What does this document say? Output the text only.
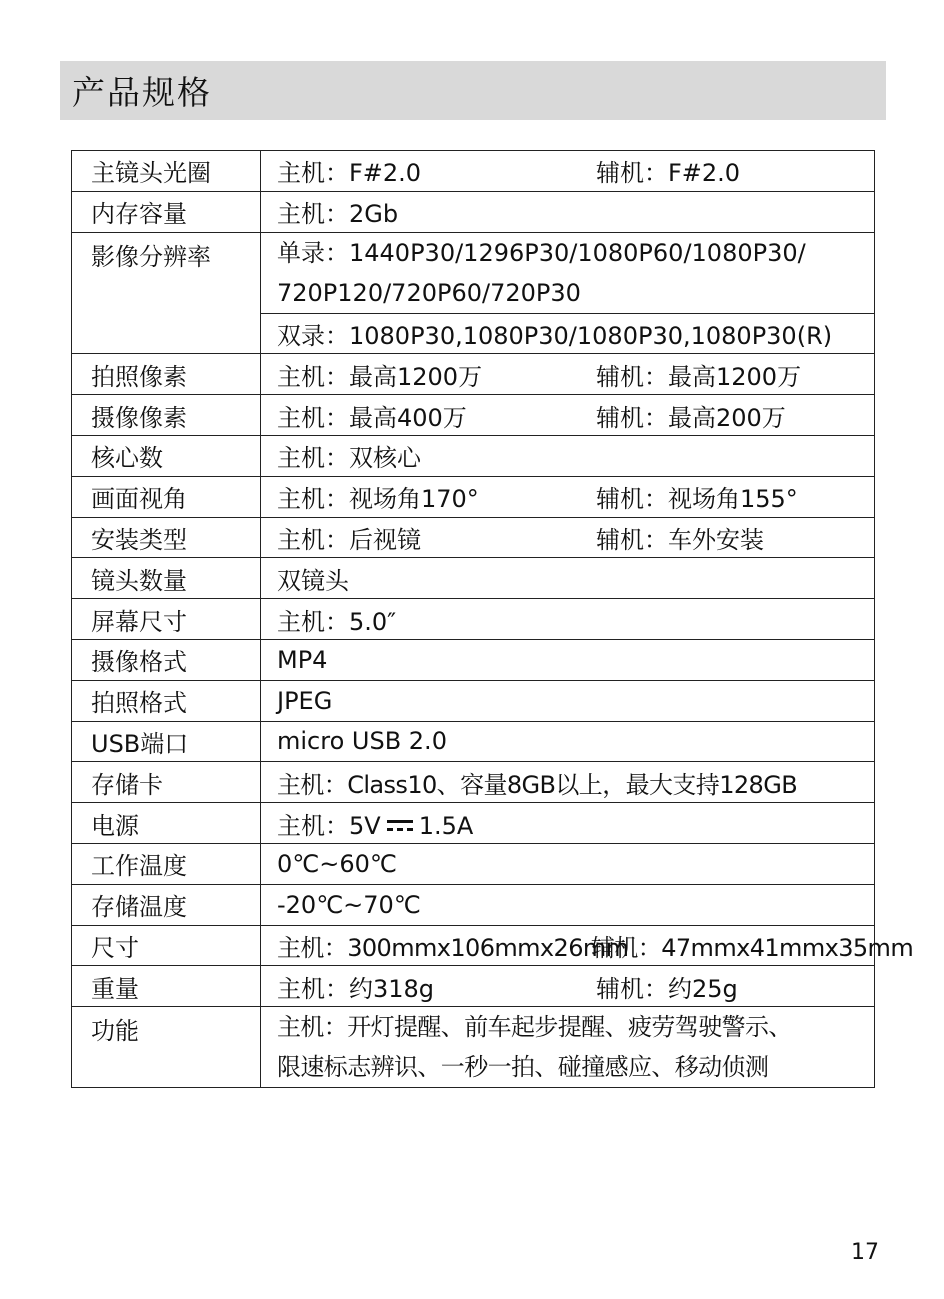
产品规格
主镜头光圈	主机：F#2.0 辅机：F#2.0
内存容量	主机：2Gb
影像分辨率	单录：1440P30/1296P30/1080P60/1080P30/
720P120/720P60/720P30

	双录：1080P30,1080P30/1080P30,1080P30(R)
拍照像素	主机：最高1200万 辅机：最高1200万
摄像像素	主机：最高400万 辅机：最高200万
核心数	主机：双核心
画面视角	主机：视场角170° 辅机：视场角155°
安装类型	主机：后视镜 辅机：车外安装
镜头数量	双镜头
屏幕尺寸	主机：5.0″
摄像格式	MP4
拍照格式	JPEG
USB端口	micro USB 2.0
存储卡	主机：Class10、容量8GB以上，最大支持128GB
电源	主机：5V 1.5A
工作温度	0℃~60℃
存储温度	-20℃~70℃
尺寸	主机：300mmx106mmx26mm辅机：47mmx41mmx35mm
重量	主机：约318g 辅机：约25g
功能	主机：开灯提醒、前车起步提醒、疲劳驾驶警示、
限速标志辨识、一秒一拍、碰撞感应、移动侦测
17
